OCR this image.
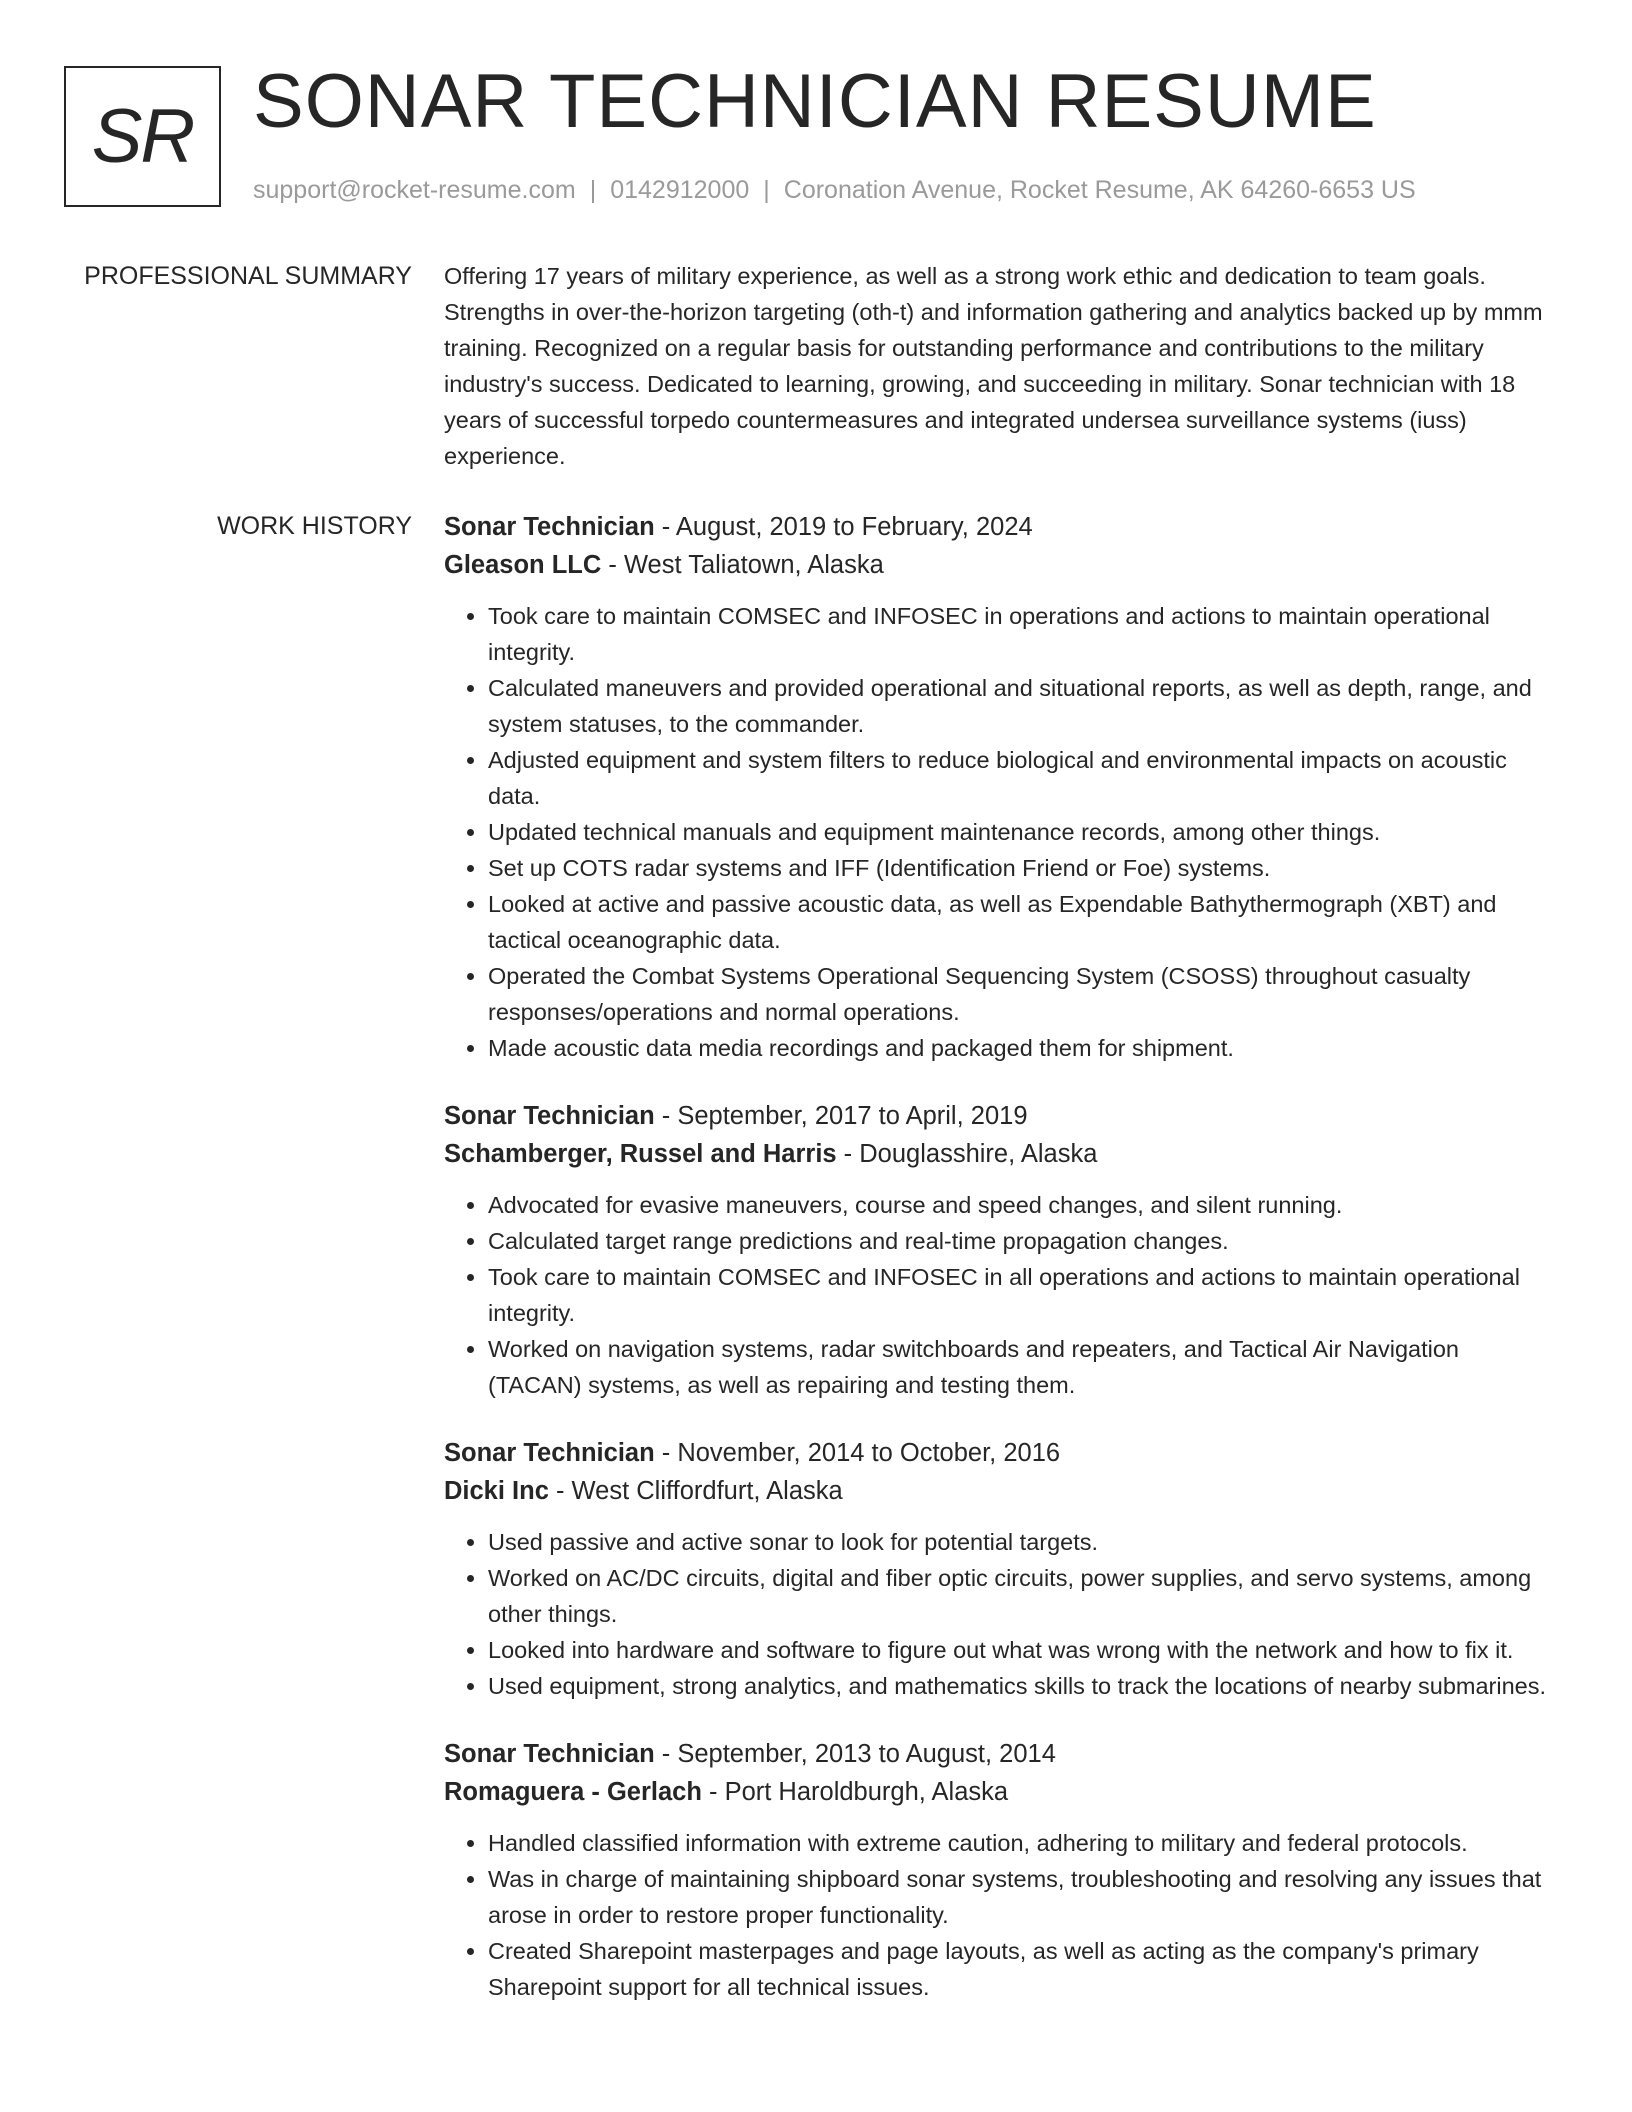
SR SONAR TECHNICIAN RESUME
support@rocket-resume.com | 0142912000 | Coronation Avenue, Rocket Resume, AK 64260-6653 US
PROFESSIONAL SUMMARY Offering 17 years of military experience, as well as a strong work ethic and dedication to team goals. Strengths in over-the-horizon targeting (oth-t) and information gathering and analytics backed up by mmm training. Recognized on a regular basis for outstanding performance and contributions to the military industry's success. Dedicated to learning, growing, and succeeding in military. Sonar technician with 18 years of successful torpedo countermeasures and integrated undersea surveillance systems (iuss) experience.

WORK HISTORY Sonar Technician - August, 2019 to February, 2024
Gleason LLC - West Taliatown, Alaska
• Took care to maintain COMSEC and INFOSEC in operations and actions to maintain operational integrity.
• Calculated maneuvers and provided operational and situational reports, as well as depth, range, and system statuses, to the commander.
• Adjusted equipment and system filters to reduce biological and environmental impacts on acoustic data.
• Updated technical manuals and equipment maintenance records, among other things.
• Set up COTS radar systems and IFF (Identification Friend or Foe) systems.
• Looked at active and passive acoustic data, as well as Expendable Bathythermograph (XBT) and tactical oceanographic data.
• Operated the Combat Systems Operational Sequencing System (CSOSS) throughout casualty responses/operations and normal operations.
• Made acoustic data media recordings and packaged them for shipment.
Sonar Technician - September, 2017 to April, 2019
Schamberger, Russel and Harris - Douglasshire, Alaska
• Advocated for evasive maneuvers, course and speed changes, and silent running.
• Calculated target range predictions and real-time propagation changes.
• Took care to maintain COMSEC and INFOSEC in all operations and actions to maintain operational integrity.
• Worked on navigation systems, radar switchboards and repeaters, and Tactical Air Navigation (TACAN) systems, as well as repairing and testing them.
Sonar Technician - November, 2014 to October, 2016
Dicki Inc - West Cliffordfurt, Alaska
• Used passive and active sonar to look for potential targets.
• Worked on AC/DC circuits, digital and fiber optic circuits, power supplies, and servo systems, among other things.
• Looked into hardware and software to figure out what was wrong with the network and how to fix it.
• Used equipment, strong analytics, and mathematics skills to track the locations of nearby submarines.
Sonar Technician - September, 2013 to August, 2014
Romaguera - Gerlach - Port Haroldburgh, Alaska
• Handled classified information with extreme caution, adhering to military and federal protocols.
• Was in charge of maintaining shipboard sonar systems, troubleshooting and resolving any issues that arose in order to restore proper functionality.
• Created Sharepoint masterpages and page layouts, as well as acting as the company's primary Sharepoint support for all technical issues.
